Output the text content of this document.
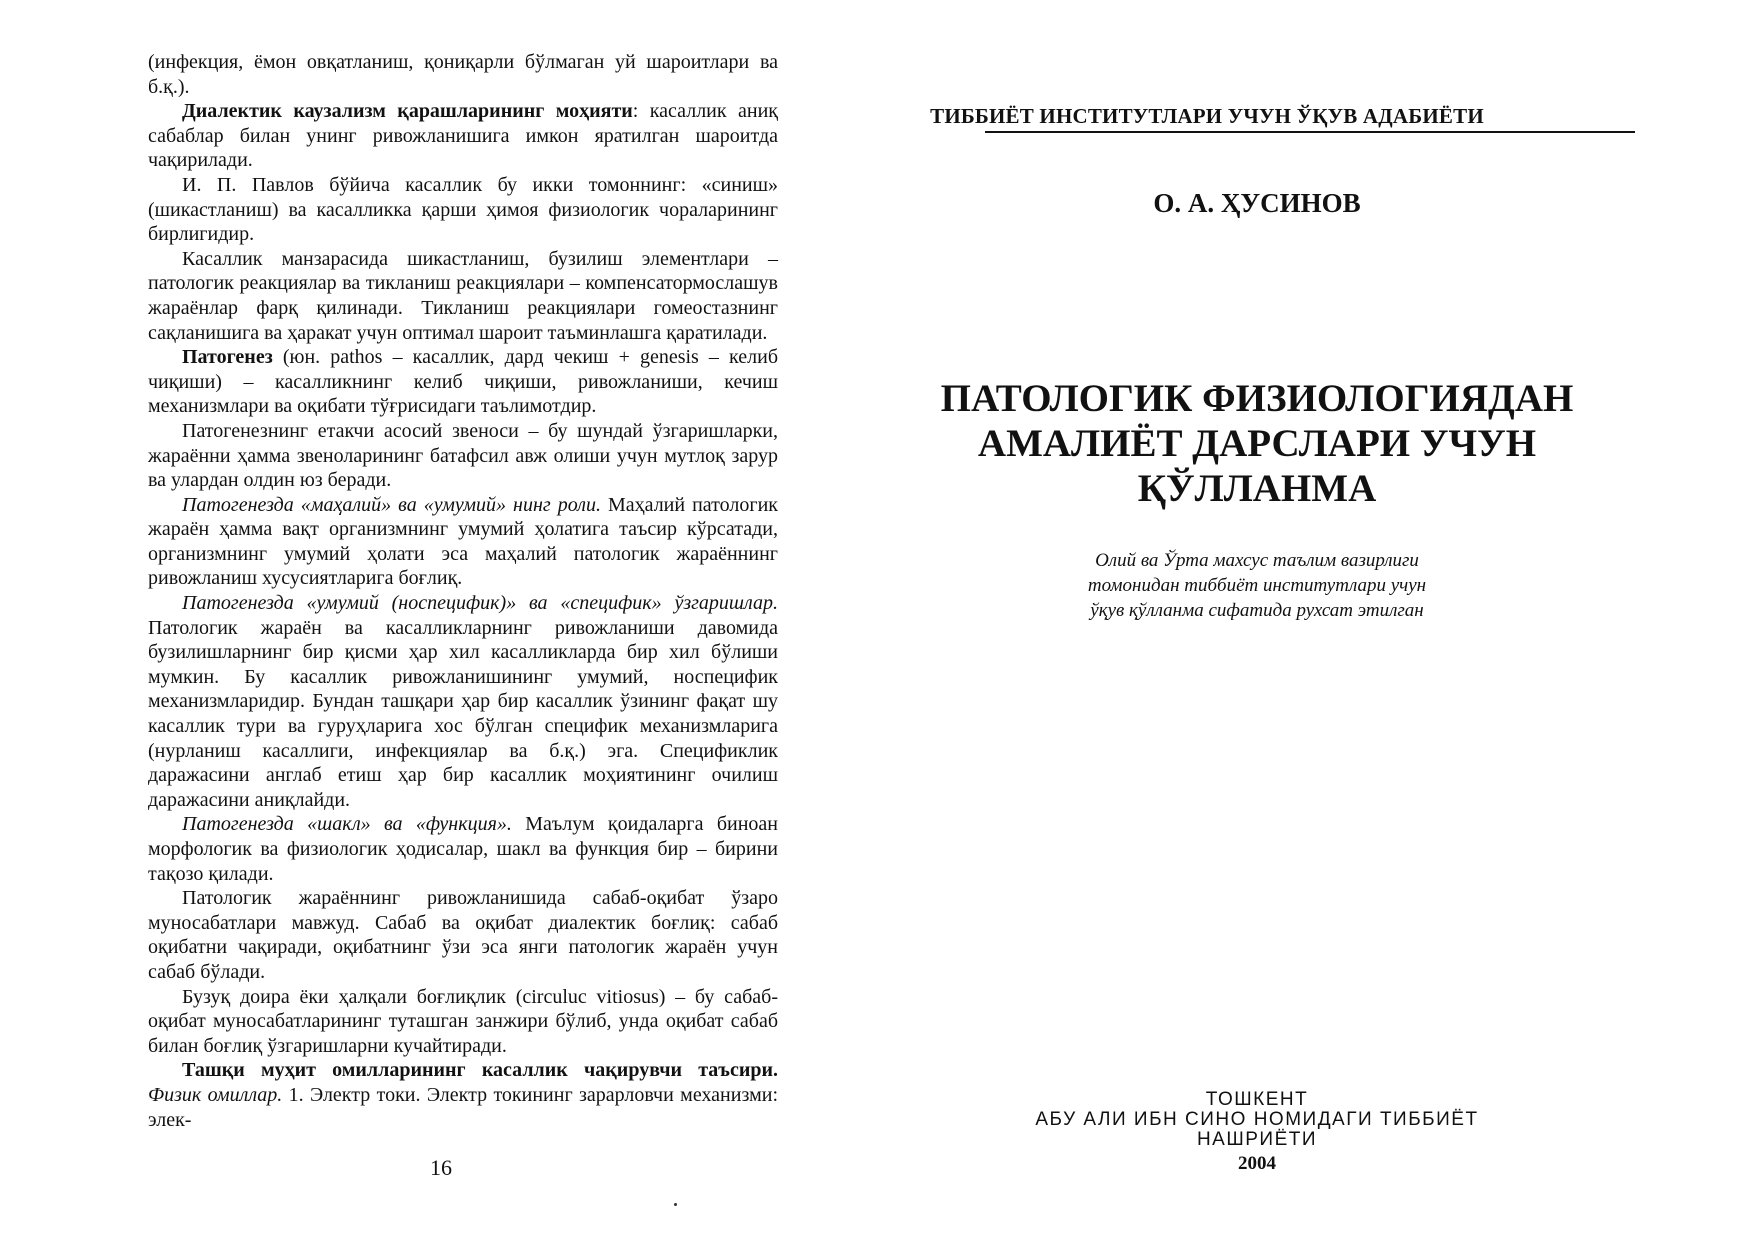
(инфекция, ёмон овқатланиш, қониқарли бўлмаган уй шароитлари ва б.қ.).

Диалектик каузализм қарашларининг моҳияти: касаллик аниқ сабаблар билан унинг ривожланишига имкон яратилган шароитда чақирилади.

И. П. Павлов бўйича касаллик бу икки томоннинг: «синиш» (шикастланиш) ва касалликка қарши ҳимоя физиологик чораларининг бирлигидир.

Касаллик манзарасида шикастланиш, бузилиш элементлари – патологик реакциялар ва тикланиш реакциялари – компенсатормослашув жараёнлар фарқ қилинади. Тикланиш реакциялари гомеостазнинг сақланишига ва ҳаракат учун оптимал шароит таъминлашга қаратилади.

Патогенез (юн. pathos – касаллик, дард чекиш + genesis – келиб чиқиши) – касалликнинг келиб чиқиши, ривожланиши, кечиш механизмлари ва оқибати тўғрисидаги таълимотдир.

Патогенезнинг етакчи асосий звеноси – бу шундай ўзгаришларки, жараённи ҳамма звеноларининг батафсил авж олиши учун мутлоқ зарур ва улардан олдин юз беради.

Патогенезда «маҳалий» ва «умумий» нинг роли. Маҳалий патологик жараён ҳамма вақт организмнинг умумий ҳолатига таъсир кўрсатади, организмнинг умумий ҳолати эса маҳалий патологик жараённинг ривожланиш хусусиятларига боғлиқ.

Патогенезда «умумий (носпецифик)» ва «специфик» ўзгаришлар. Патологик жараён ва касалликларнинг ривожланиши давомида бузилишларнинг бир қисми ҳар хил касалликларда бир хил бўлиши мумкин. Бу касаллик ривожланишининг умумий, носпецифик механизмларидир. Бундан ташқари ҳар бир касаллик ўзининг фақат шу касаллик тури ва гуруҳларига хос бўлган специфик механизмларига (нурланиш касаллиги, инфекциялар ва б.қ.) эга. Спецификлик даражасини англаб етиш ҳар бир касаллик моҳиятининг очилиш даражасини аниқлайди.

Патогенезда «шакл» ва «функция». Маълум қоидаларга биноан морфологик ва физиологик ҳодисалар, шакл ва функция бир – бирини тақозо қилади.

Патологик жараённинг ривожланишида сабаб-оқибат ўзаро муносабатлари мавжуд. Сабаб ва оқибат диалектик боғлиқ: сабаб оқибатни чақиради, оқибатнинг ўзи эса янги патологик жараён учун сабаб бўлади.

Бузуқ доира ёки ҳалқали боғлиқлик (circuluc vitiosus) – бу сабаб-оқибат муносабатларининг туташган занжири бўлиб, унда оқибат сабаб билан боғлиқ ўзгаришларни кучайтиради.

Ташқи муҳит омилларининг касаллик чақирувчи таъсири. Физик омиллар. 1. Электр токи. Электр токининг зарарловчи механизми: элек-

16
ТИББИЁТ ИНСТИТУТЛАРИ УЧУН ЎҚУВ АДАБИЁТИ
О. А. ҲУСИНОВ
ПАТОЛОГИК ФИЗИОЛОГИЯДАН
АМАЛИЁТ ДАРСЛАРИ УЧУН
ҚЎЛЛАНМА
Олий ва Ўрта махсус таълим вазирлиги
томонидан тиббиёт институтлари учун
ўқув қўлланма сифатида рухсат этилган
ТОШКЕНТ
АБУ АЛИ ИБН СИНО НОМИДАГИ ТИББИЁТ
НАШРИЁТИ
2004
